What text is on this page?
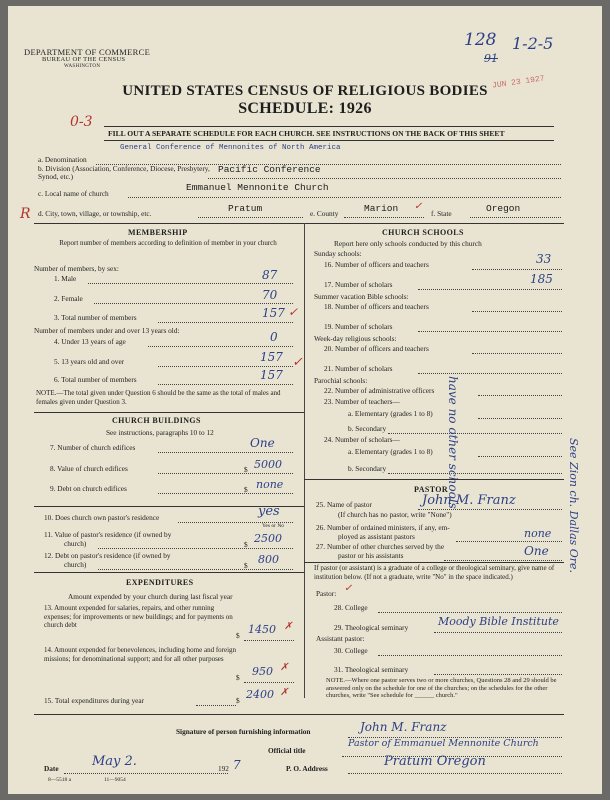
DEPARTMENT OF COMMERCE
BUREAU OF THE CENSUS
WASHINGTON
128 1-2-5
91
JUN 23 1927
UNITED STATES CENSUS OF RELIGIOUS BODIES
SCHEDULE: 1926
0-3
FILL OUT A SEPARATE SCHEDULE FOR EACH CHURCH. SEE INSTRUCTIONS ON THE BACK OF THIS SHEET
General Conference of Mennonites of North America
a. Denomination
b. Division (Association, Conference, Diocese, Presbytery, Synod, etc.)
Pacific Conference
c. Local name of church
Emmanuel Mennonite Church
R d. City, town, village, or township, etc.	Pratum	e. County	Marion	f. State	Oregon
MEMBERSHIP
Report number of members according to definition of member in your church
Number of members, by sex:
1. Male	87
2. Female	70
3. Total number of members	157
Number of members under and over 13 years old:
4. Under 13 years of age	0
5. 13 years old and over	157
6. Total number of members	157
NOTE.—The total given under Question 6 should be the same as the total of males and females given under Question 3.
CHURCH BUILDINGS
See instructions, paragraphs 10 to 12
7. Number of church edifices	One
8. Value of church edifices	$ 5000
9. Debt on church edifices	$ none
10. Does church own pastor's residence	yes
Yes or No
11. Value of pastor's residence (if owned by
church)	$ 2500
12. Debt on pastor's residence (if owned by
church)	$ 800
EXPENDITURES
Amount expended by your church during last fiscal year
13. Amount expended for salaries, repairs, and other running expenses; for improvements or new buildings; and for payments on church debt
$ 1450
14. Amount expended for benevolences, including home and foreign missions; for denominational support; and for all other purposes
$ 950
15. Total expenditures during year	$ 2400
CHURCH SCHOOLS
Report here only schools conducted by this church
Sunday schools:
16. Number of officers and teachers	33
17. Number of scholars	185
Summer vacation Bible schools:
18. Number of officers and teachers
19. Number of scholars
Week-day religious schools:
20. Number of officers and teachers
21. Number of scholars
Parochial schools:
22. Number of administrative officers
23. Number of teachers—
a. Elementary (grades 1 to 8)
b. Secondary
24. Number of scholars—
a. Elementary (grades 1 to 8)
b. Secondary	have no other schools
PASTOR
25. Name of pastor	John M. Franz
(If church has no pastor, write "None")
26. Number of ordained ministers, if any, em-
ployed as assistant pastors	none
27. Number of other churches served by the
pastor or his assistants	One See Zion ch. Dallas Ore.
If pastor (or assistant) is a graduate of a college or theological seminary, give name of institution below. (If not a graduate, write "No" in the space indicated.)
Pastor: ✓
28. College
29. Theological seminary	Moody Bible Institute
Assistant pastor:
30. College
31. Theological seminary
NOTE.—Where one pastor serves two or more churches, Questions 28 and 29 should be answered only on the schedule for one of the churches; on the schedules for the other churches, write "See schedule for ______ church."
Signature of person furnishing information	John M. Franz
Official title
Pastor of Emmanuel Mennonite Church
Date	May 2.	192 7	P. O. Address	Pratum Oregon
8—5518 a	11—9054
✓
✓
✓
✗
✗
✗
